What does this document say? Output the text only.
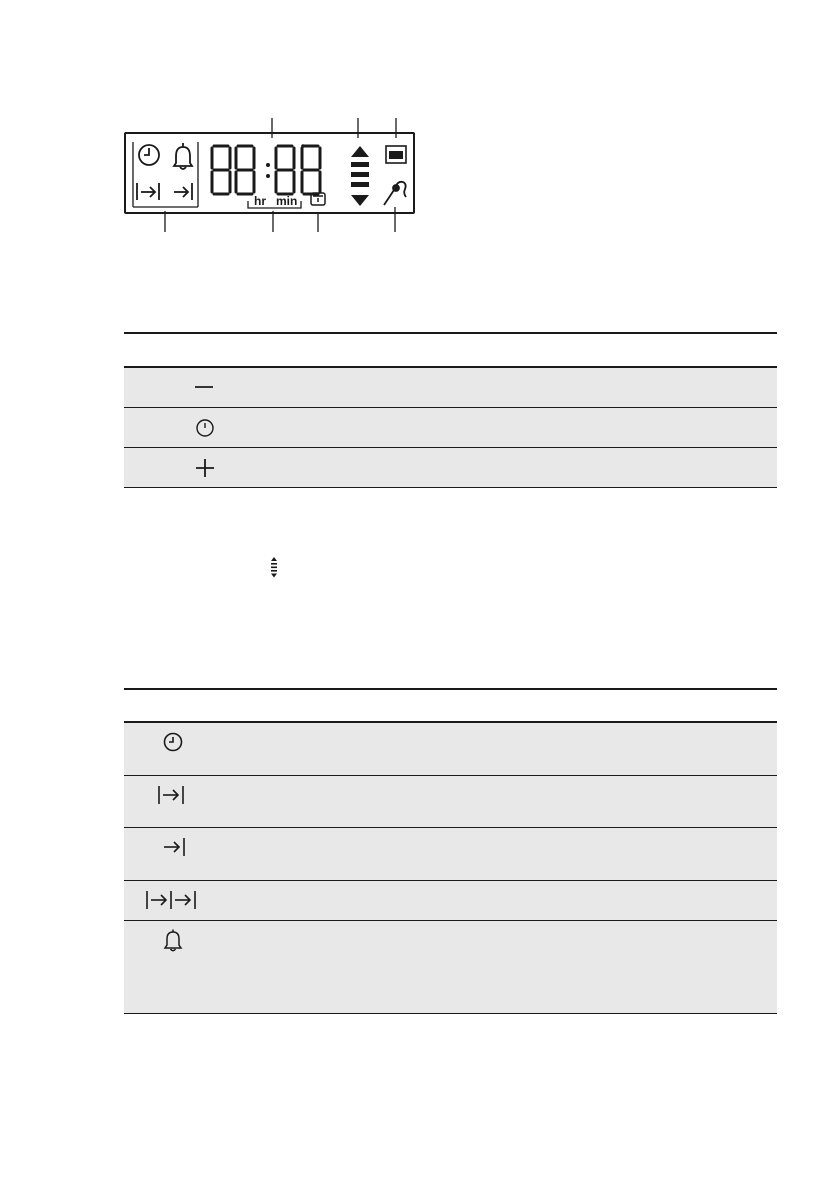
hr min
